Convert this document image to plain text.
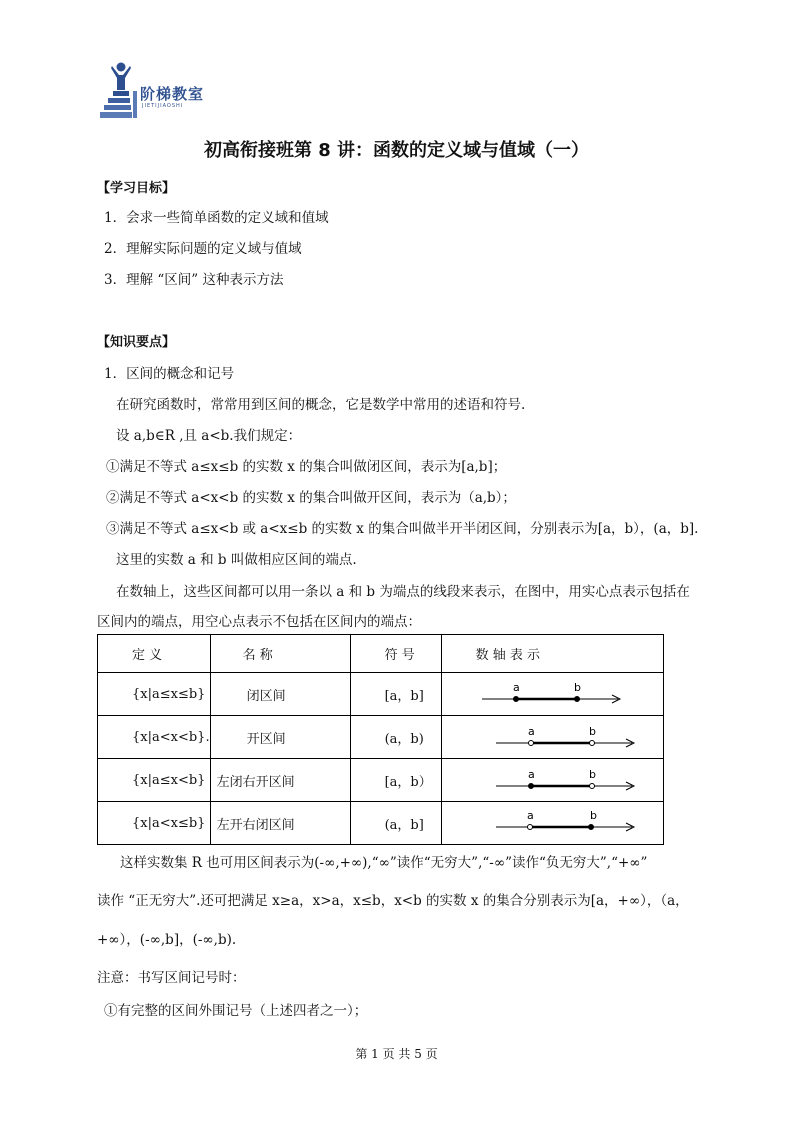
阶梯教室
JIETIJIAOSHI
初高衔接班第 8 讲：函数的定义域与值域（一）
【学习目标】
1．会求一些简单函数的定义域和值域
2．理解实际问题的定义域与值域
3．理解 “区间” 这种表示方法
【知识要点】
1．区间的概念和记号
在研究函数时，常常用到区间的概念，它是数学中常用的述语和符号.
设 a,b∈R ,且 a<b.我们规定：
①满足不等式 a≤x≤b 的实数 x 的集合叫做闭区间，表示为[a,b]；
②满足不等式 a<x<b 的实数 x 的集合叫做开区间，表示为（a,b）；
③满足不等式 a≤x<b 或 a<x≤b 的实数 x 的集合叫做半开半闭区间，分别表示为[a，b），(a，b].
这里的实数 a 和 b 叫做相应区间的端点.
在数轴上，这些区间都可以用一条以 a 和 b 为端点的线段来表示，在图中，用实心点表示包括在
区间内的端点，用空心点表示不包括在区间内的端点：
定 义	名 称	符 号	数 轴 表 示
{x|a≤x≤b}	闭区间	[a，b]	a b

{x|a<x<b}.	开区间	(a，b)	a b

{x|a≤x<b}	左闭右开区间	[a，b）	a b

{x|a<x≤b}	左开右闭区间	(a，b]	a b
这样实数集 R 也可用区间表示为(-∞,+∞),“∞”读作“无穷大”,“-∞”读作“负无穷大”,“+∞”
读作 “正无穷大”.还可把满足 x≥a，x>a，x≤b，x<b 的实数 x 的集合分别表示为[a，+∞），（a，
+∞），(-∞,b]，(-∞,b).
注意：书写区间记号时：
①有完整的区间外围记号（上述四者之一）；
第 1 页 共 5 页
